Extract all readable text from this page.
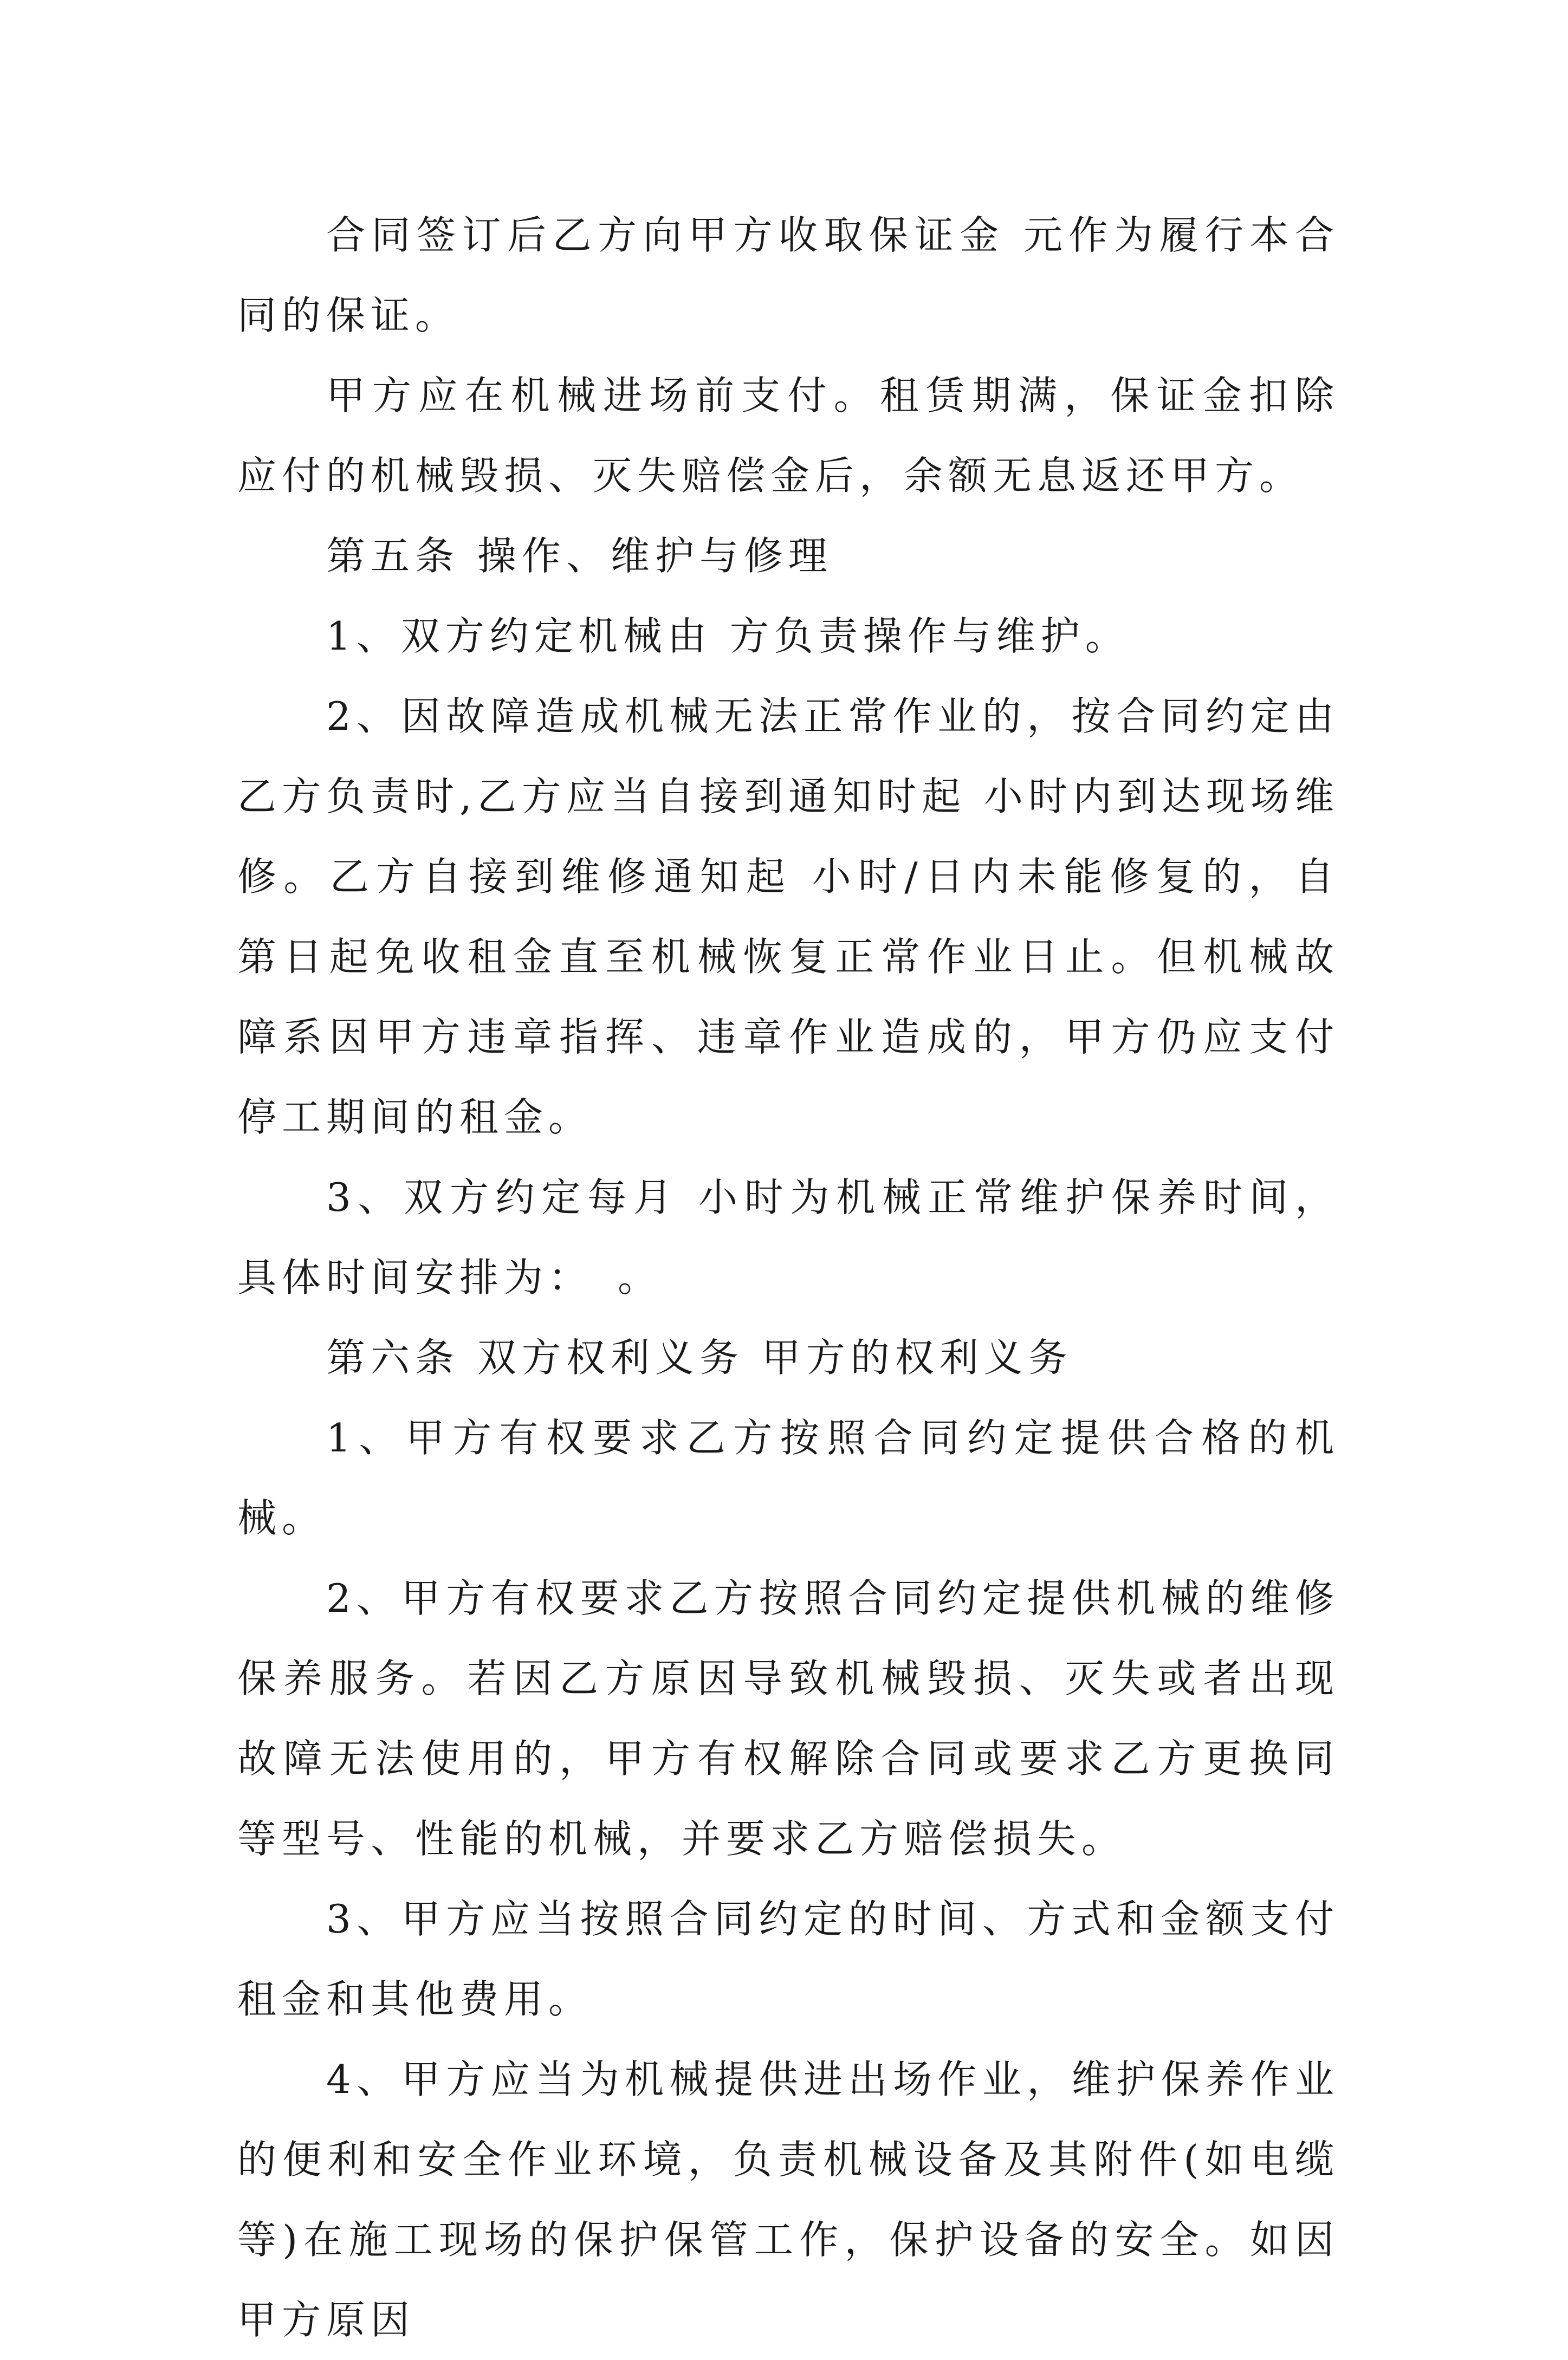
合同签订后乙方向甲方收取保证金 元作为履行本合同的保证。

甲方应在机械进场前支付。租赁期满，保证金扣除应付的机械毁损、灭失赔偿金后，余额无息返还甲方。

第五条 操作、维护与修理

1、双方约定机械由 方负责操作与维护。

2、因故障造成机械无法正常作业的，按合同约定由乙方负责时,乙方应当自接到通知时起 小时内到达现场维修。乙方自接到维修通知起 小时/日内未能修复的，自第日起免收租金直至机械恢复正常作业日止。但机械故障系因甲方违章指挥、违章作业造成的，甲方仍应支付停工期间的租金。

3、双方约定每月 小时为机械正常维护保养时间，具体时间安排为：　。

第六条 双方权利义务 甲方的权利义务

1、甲方有权要求乙方按照合同约定提供合格的机械。

2、甲方有权要求乙方按照合同约定提供机械的维修保养服务。若因乙方原因导致机械毁损、灭失或者出现故障无法使用的，甲方有权解除合同或要求乙方更换同等型号、性能的机械，并要求乙方赔偿损失。

3、甲方应当按照合同约定的时间、方式和金额支付租金和其他费用。

4、甲方应当为机械提供进出场作业，维护保养作业的便利和安全作业环境，负责机械设备及其附件(如电缆等)在施工现场的保护保管工作，保护设备的安全。如因甲方原因
